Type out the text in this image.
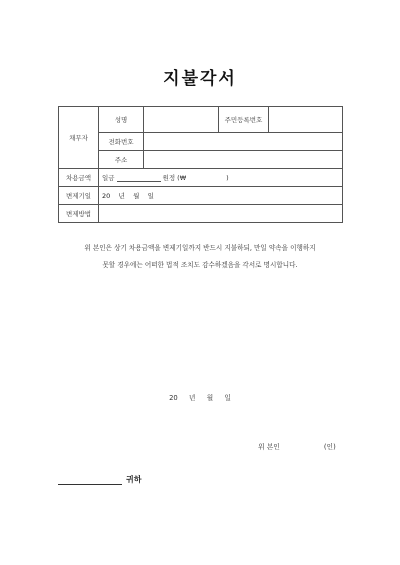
지불각서
채무자	성명		주민등록번호	
	전화번호			
	주소			
차용금액	일금 원정 (₩ )			
변제기일	20    년    월    일			
변제방법				
위 본인은 상기 차용금액을 변제기일까지 반드시 지불하되, 만일 약속을 이행하지
못할 경우에는 어떠한 법적 조치도 감수하겠음을 각서로 명시합니다.
20 년 월 일
위 본인	(인)
귀하
